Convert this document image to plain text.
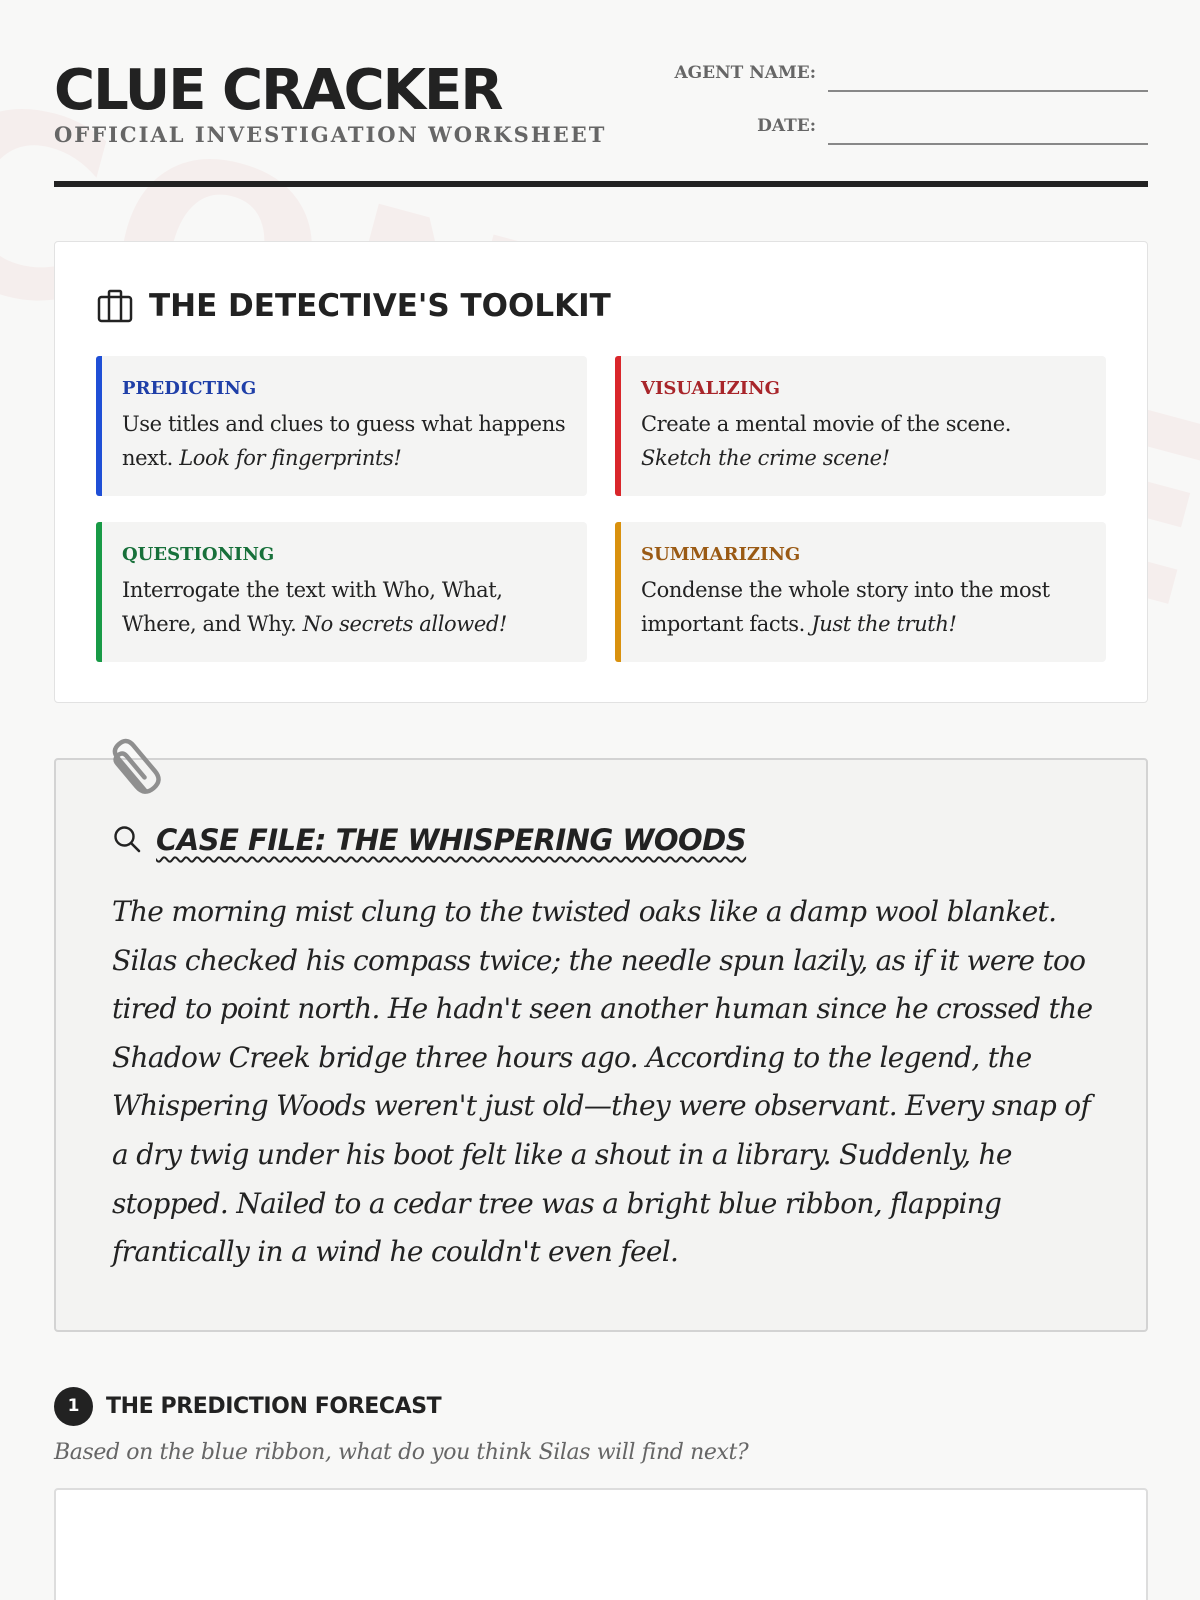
CLUE CRACKER
OFFICIAL INVESTIGATION WORKSHEET
AGENT NAME:
DATE:
THE DETECTIVE'S TOOLKIT
PREDICTING
Use titles and clues to guess what happens next. Look for fingerprints!
VISUALIZING
Create a mental movie of the scene.
Sketch the crime scene!
QUESTIONING
Interrogate the text with Who, What, Where, and Why. No secrets allowed!
SUMMARIZING
Condense the whole story into the most important facts. Just the truth!
CASE FILE: THE WHISPERING WOODS
The morning mist clung to the twisted oaks like a damp wool blanket. Silas checked his compass twice; the needle spun lazily, as if it were too tired to point north. He hadn't seen another human since he crossed the Shadow Creek bridge three hours ago. According to the legend, the Whispering Woods weren't just old—they were observant. Every snap of a dry twig under his boot felt like a shout in a library. Suddenly, he stopped. Nailed to a cedar tree was a bright blue ribbon, flapping frantically in a wind he couldn't even feel.
1	THE PREDICTION FORECAST
Based on the blue ribbon, what do you think Silas will find next?
